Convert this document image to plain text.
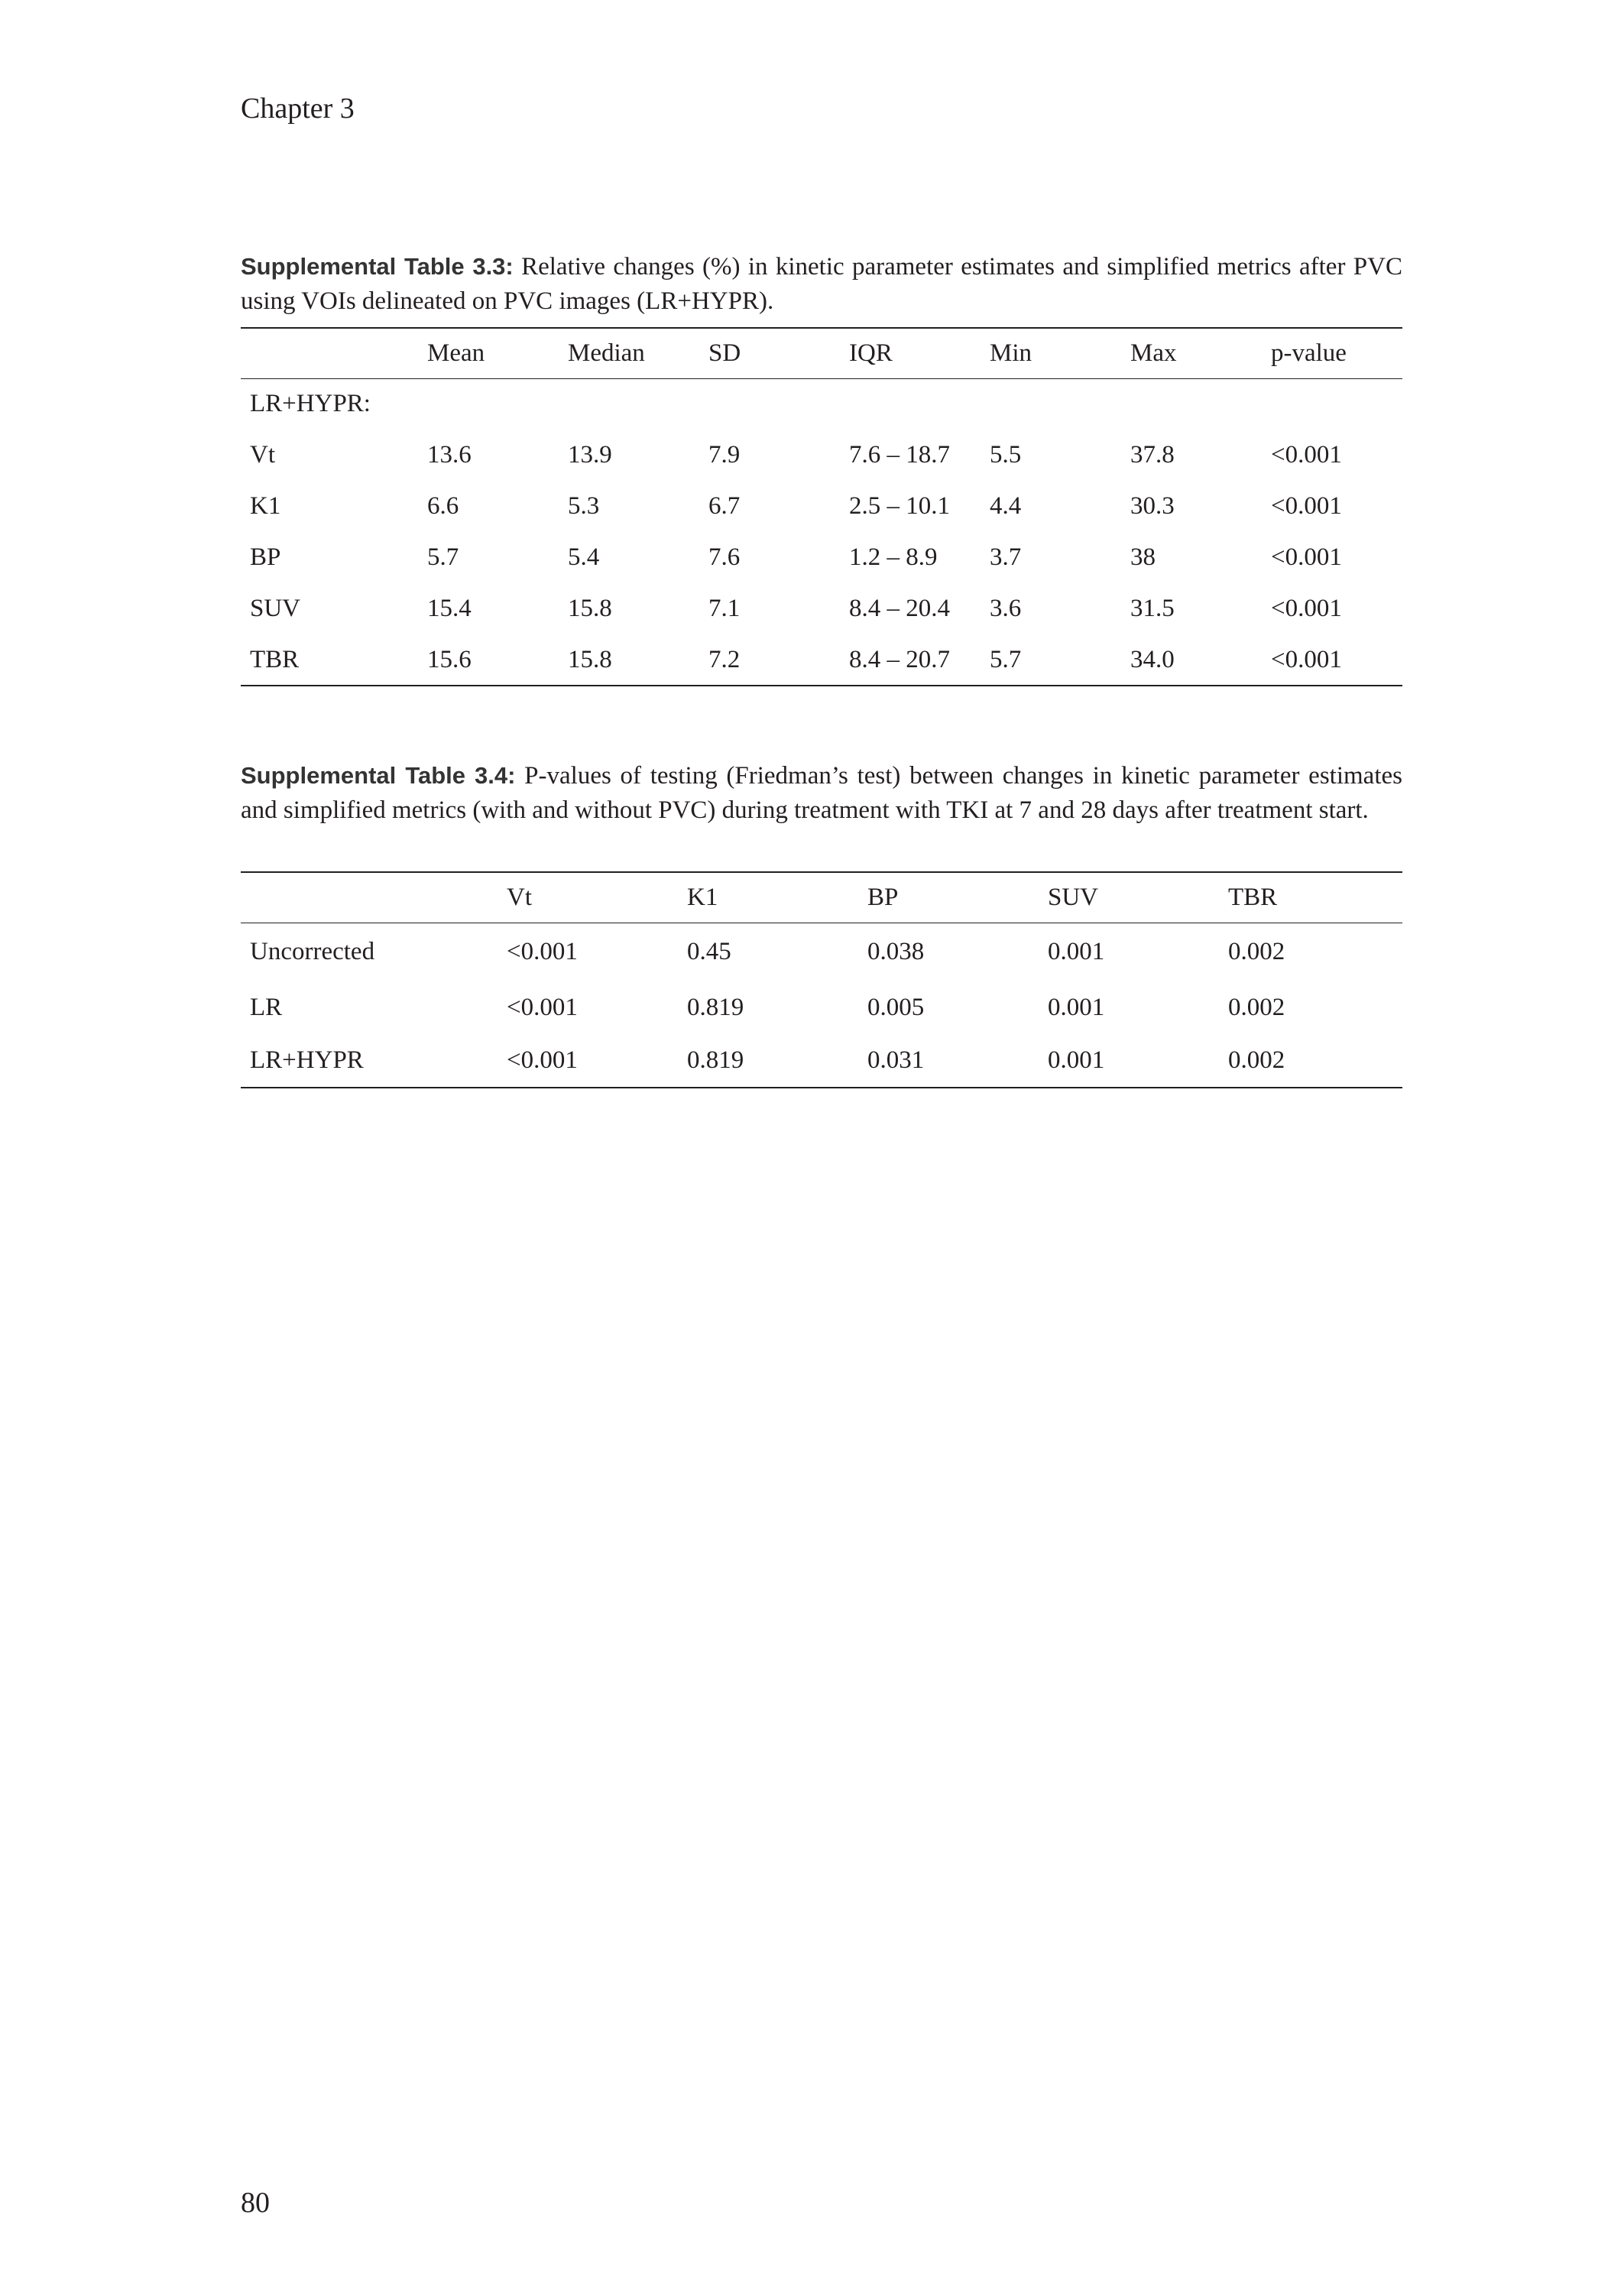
Chapter 3
Supplemental Table 3.3: Relative changes (%) in kinetic parameter estimates and simplified metrics after PVC using VOIs delineated on PVC images (LR+HYPR).
	Mean	Median	SD	IQR	Min	Max	p-value
LR+HYPR:							
Vt	13.6	13.9	7.9	7.6 – 18.7	5.5	37.8	<0.001
K1	6.6	5.3	6.7	2.5 – 10.1	4.4	30.3	<0.001
BP	5.7	5.4	7.6	1.2 – 8.9	3.7	38	<0.001
SUV	15.4	15.8	7.1	8.4 – 20.4	3.6	31.5	<0.001
TBR	15.6	15.8	7.2	8.4 – 20.7	5.7	34.0	<0.001
Supplemental Table 3.4: P-values of testing (Friedman’s test) between changes in kinetic parameter estimates and simplified metrics (with and without PVC) during treatment with TKI at 7 and 28 days after treatment start.
	Vt	K1	BP	SUV	TBR
Uncorrected	<0.001	0.45	0.038	0.001	0.002
LR	<0.001	0.819	0.005	0.001	0.002
LR+HYPR	<0.001	0.819	0.031	0.001	0.002
80
